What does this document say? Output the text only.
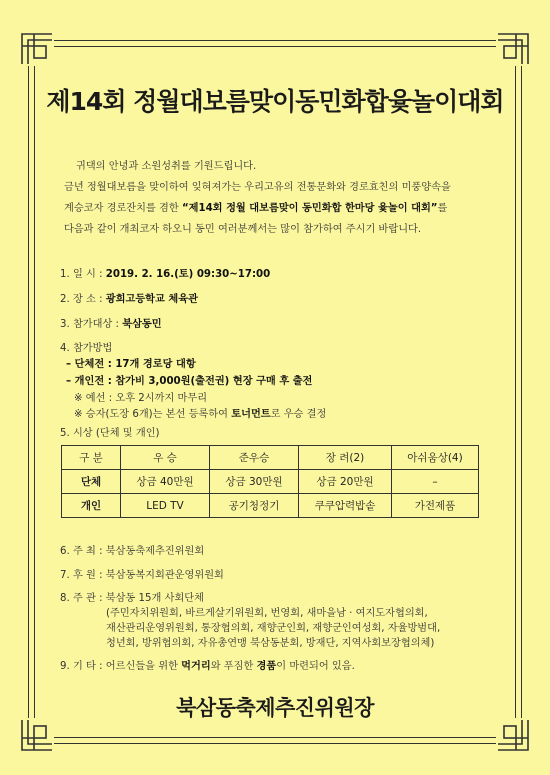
제14회 정월대보름맞이동민화합윷놀이대회
귀댁의 안녕과 소원성취를 기원드립니다.
금년 정월대보름을 맞이하여 잊혀져가는 우리고유의 전통문화와 경로효친의 미풍양속을
계승코자 경로잔치를 겸한 “제14회 정월 대보름맞이 동민화합 한마당 윷놀이 대회”를
다음과 같이 개최코자 하오니 동민 여러분께서는 많이 참가하여 주시기 바랍니다.
1. 일 시 : 2019. 2. 16.(토) 09:30~17:00
2. 장 소 : 광희고등학교 체육관
3. 참가대상 : 북삼동민
4. 참가방법
– 단체전 : 17개 경로당 대항
– 개인전 : 참가비 3,000원(출전권) 현장 구매 후 출전
※ 예선 : 오후 2시까지 마무리
※ 승자(도장 6개)는 본선 등록하여 토너먼트로 우승 결정
5. 시상 (단체 및 개인)
구 분	우 승	준우승	장 려(2)	아쉬움상(4)
단체	상금 40만원	상금 30만원	상금 20만원	–
개인	LED TV	공기청정기	쿠쿠압력밥솥	가전제품
6. 주 최 : 북삼동축제추진위원회
7. 후 원 : 북삼동복지회관운영위원회
8. 주 관 : 북삼동 15개 사회단체
(주민자치위원회, 바르게살기위원회, 번영회, 새마을남 · 여지도자협의회,
재산관리운영위원회, 통장협의회, 재향군인회, 재향군인여성회, 자율방범대,
청년회, 방위협의회, 자유총연맹 북삼동분회, 방재단, 지역사회보장협의체)
9. 기 타 : 어르신들을 위한 먹거리와 푸짐한 경품이 마련되어 있음.
북삼동축제추진위원장
